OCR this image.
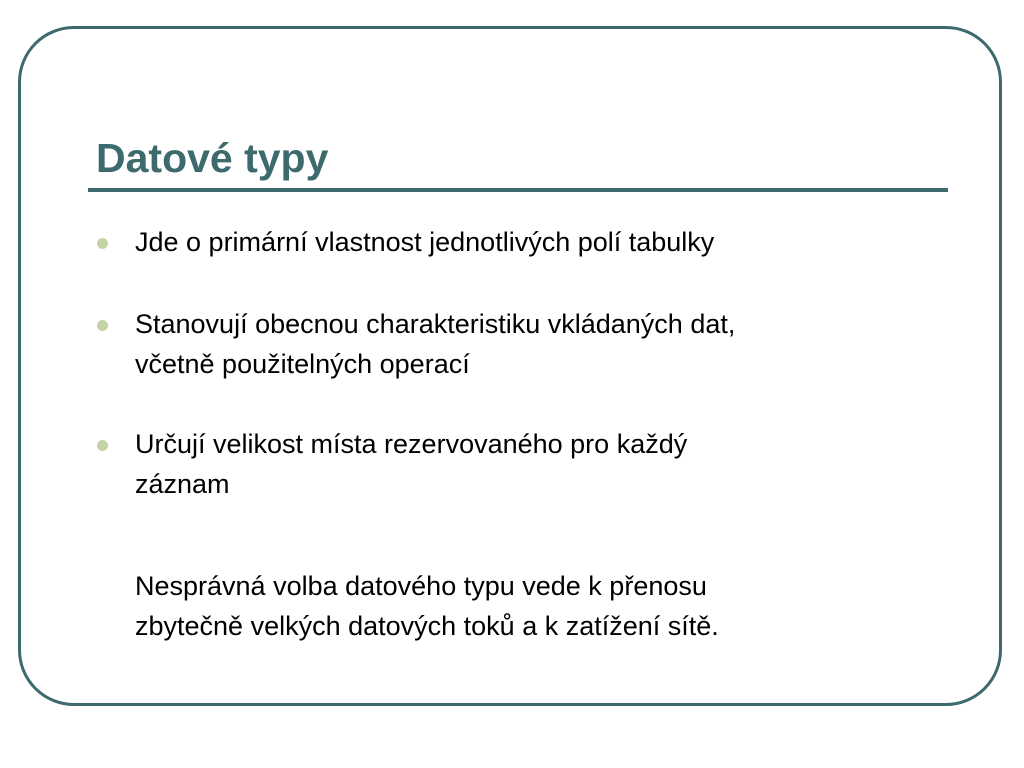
Datové typy
Jde o primární vlastnost jednotlivých polí tabulky
Stanovují obecnou charakteristiku vkládaných dat,
včetně použitelných operací
Určují velikost místa rezervovaného pro každý
záznam

Nesprávná volba datového typu vede k přenosu
zbytečně velkých datových toků a k zatížení sítě.
